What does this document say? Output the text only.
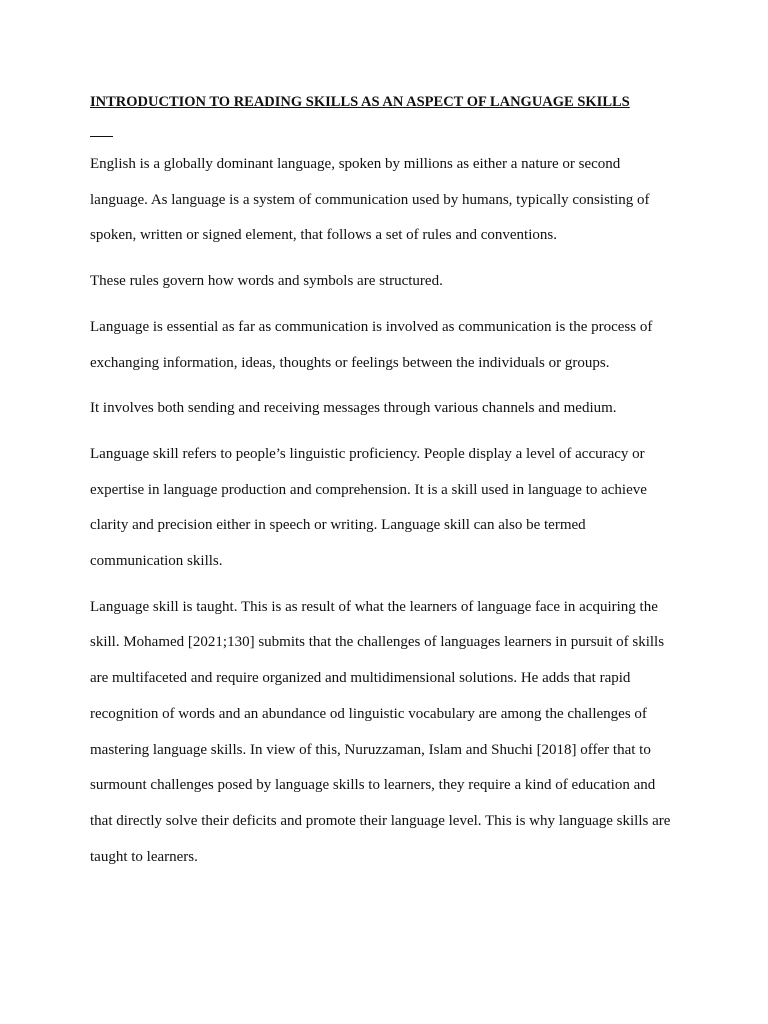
INTRODUCTION TO READING SKILLS AS AN ASPECT OF LANGUAGE SKILLS

English is a globally dominant language, spoken by millions as either a nature or second
language. As language is a system of communication used by humans, typically consisting of
spoken, written or signed element, that follows a set of rules and conventions.

These rules govern how words and symbols are structured.

Language is essential as far as communication is involved as communication is the process of
exchanging information, ideas, thoughts or feelings between the individuals or groups.

It involves both sending and receiving messages through various channels and medium.

Language skill refers to people’s linguistic proficiency. People display a level of accuracy or
expertise in language production and comprehension. It is a skill used in language to achieve
clarity and precision either in speech or writing. Language skill can also be termed
communication skills.

Language skill is taught. This is as result of what the learners of language face in acquiring the
skill. Mohamed [2021;130] submits that the challenges of languages learners in pursuit of skills
are multifaceted and require organized and multidimensional solutions. He adds that rapid
recognition of words and an abundance od linguistic vocabulary are among the challenges of
mastering language skills. In view of this, Nuruzzaman, Islam and Shuchi [2018] offer that to
surmount challenges posed by language skills to learners, they require a kind of education and
that directly solve their deficits and promote their language level. This is why language skills are
taught to learners.
